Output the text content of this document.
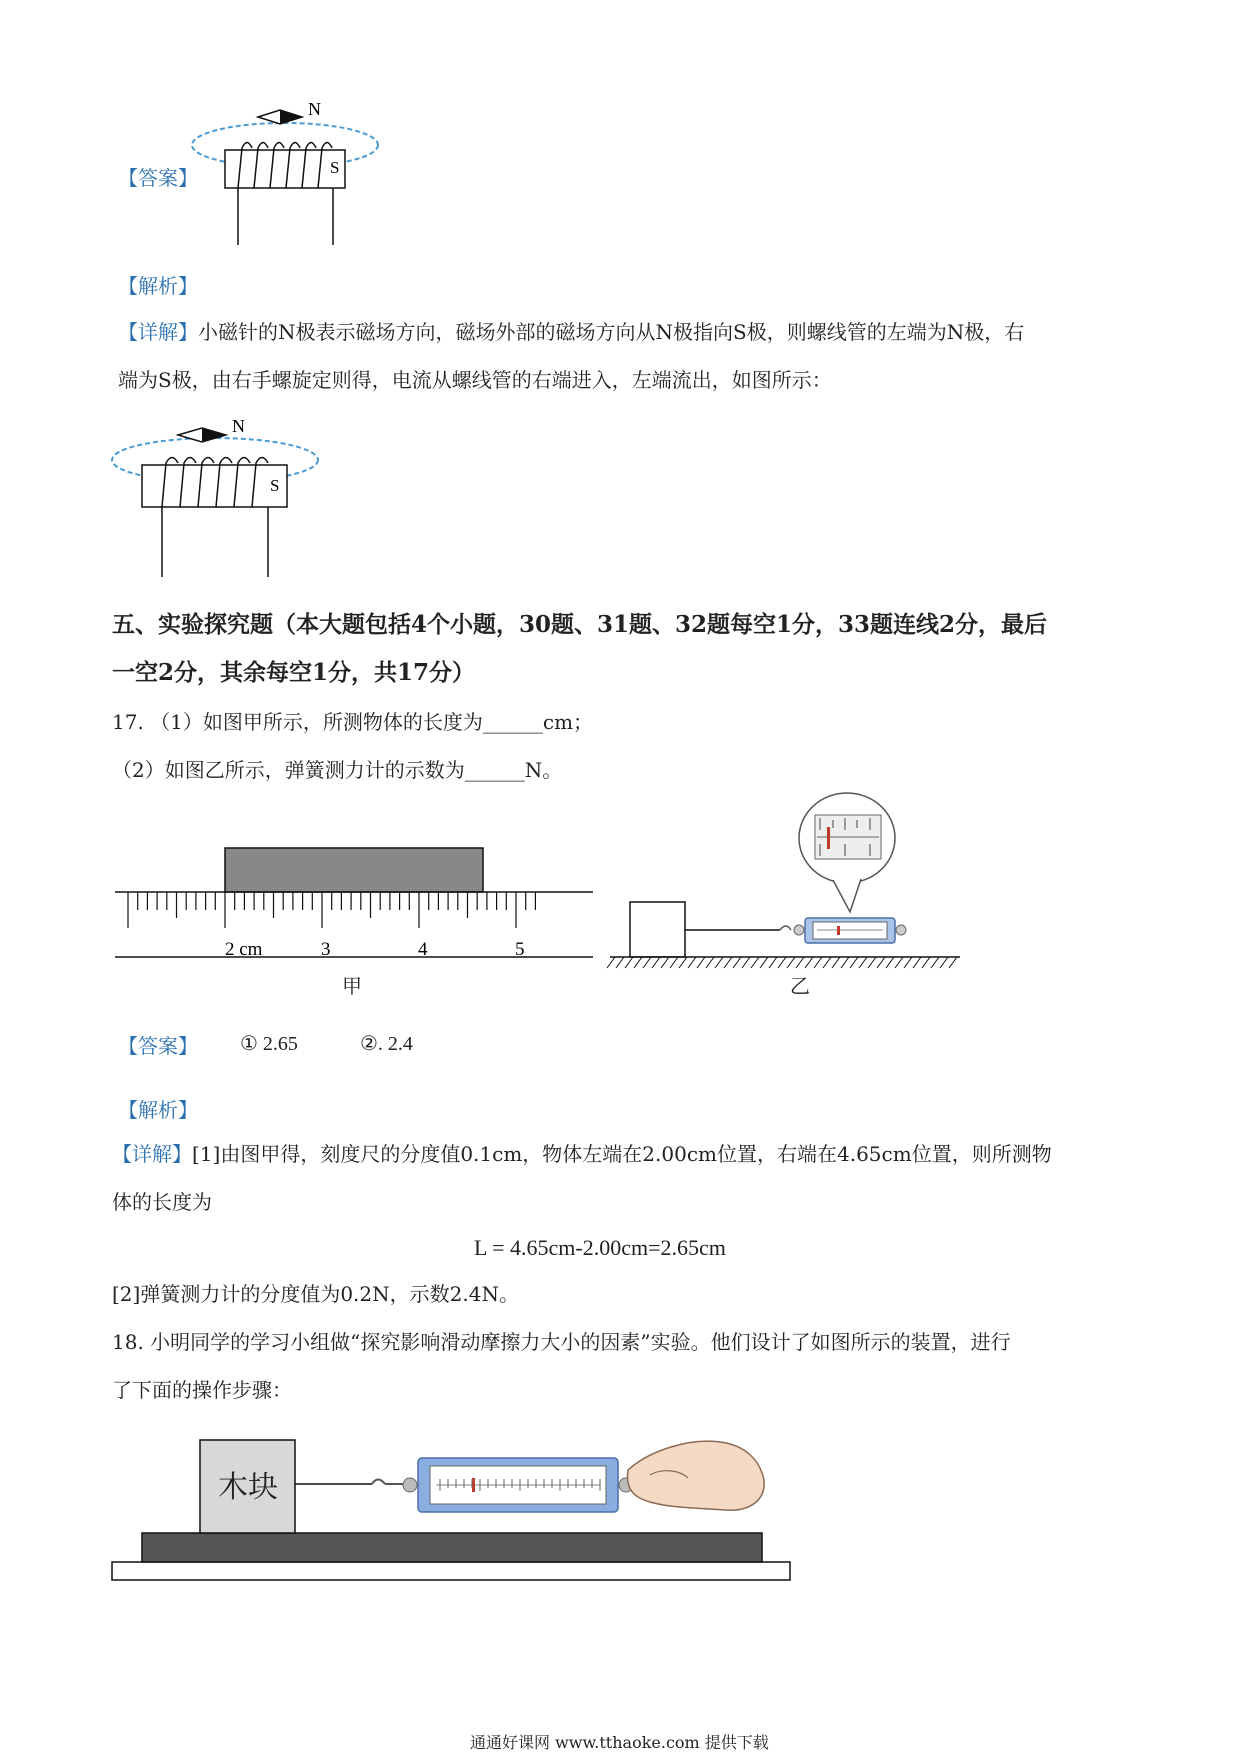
【答案】
N
S
【解析】
【详解】小磁针的N极表示磁场方向，磁场外部的磁场方向从N极指向S极，则螺线管的左端为N极，右
端为S极，由右手螺旋定则得，电流从螺线管的右端进入，左端流出，如图所示：
N
S
五、实验探究题（本大题包括4个小题，30题、31题、32题每空1分，33题连线2分，最后
一空2分，其余每空1分，共17分）
17. （1）如图甲所示，所测物体的长度为______cm；
（2）如图乙所示，弹簧测力计的示数为______N。
2 cm	3	4	5
甲	乙
【答案】 ① 2.65	②. 2.4
【解析】
【详解】[1]由图甲得，刻度尺的分度值0.1cm，物体左端在2.00cm位置，右端在4.65cm位置，则所测物
体的长度为
L = 4.65cm-2.00cm=2.65cm
[2]弹簧测力计的分度值为0.2N，示数2.4N。
18. 小明同学的学习小组做“探究影响滑动摩擦力大小的因素”实验。他们设计了如图所示的装置，进行
了下面的操作步骤：
木块
通通好课网 www.tthaoke.com 提供下载
